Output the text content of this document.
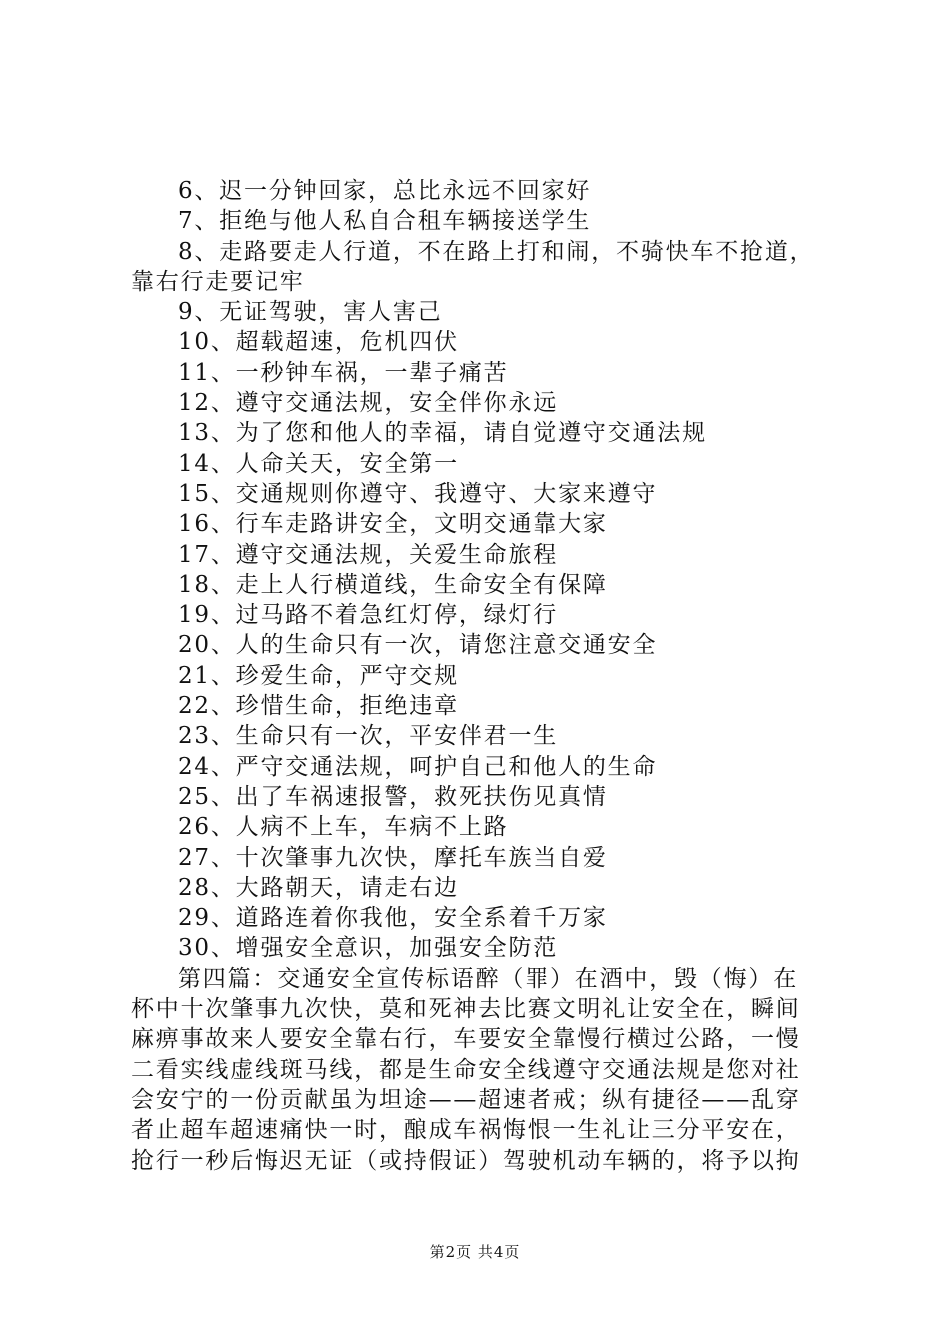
6、迟一分钟回家，总比永远不回家好
7、拒绝与他人私自合租车辆接送学生
8、走路要走人行道，不在路上打和闹，不骑快车不抢道，
靠右行走要记牢
9、无证驾驶，害人害己
10、超载超速，危机四伏
11、一秒钟车祸，一辈子痛苦
12、遵守交通法规，安全伴你永远
13、为了您和他人的幸福，请自觉遵守交通法规
14、人命关天，安全第一
15、交通规则你遵守、我遵守、大家来遵守
16、行车走路讲安全，文明交通靠大家
17、遵守交通法规，关爱生命旅程
18、走上人行横道线，生命安全有保障
19、过马路不着急红灯停，绿灯行
20、人的生命只有一次，请您注意交通安全
21、珍爱生命，严守交规
22、珍惜生命，拒绝违章
23、生命只有一次，平安伴君一生
24、严守交通法规，呵护自己和他人的生命
25、出了车祸速报警，救死扶伤见真情
26、人病不上车，车病不上路
27、十次肇事九次快，摩托车族当自爱
28、大路朝天，请走右边
29、道路连着你我他，安全系着千万家
30、增强安全意识，加强安全防范
第四篇：交通安全宣传标语醉（罪）在酒中，毁（悔）在
杯中十次肇事九次快，莫和死神去比赛文明礼让安全在，瞬间
麻痹事故来人要安全靠右行，车要安全靠慢行横过公路，一慢
二看实线虚线斑马线，都是生命安全线遵守交通法规是您对社
会安宁的一份贡献虽为坦途——超速者戒；纵有捷径——乱穿
者止超车超速痛快一时，酿成车祸悔恨一生礼让三分平安在，
抢行一秒后悔迟无证（或持假证）驾驶机动车辆的，将予以拘
第2页 共4页
